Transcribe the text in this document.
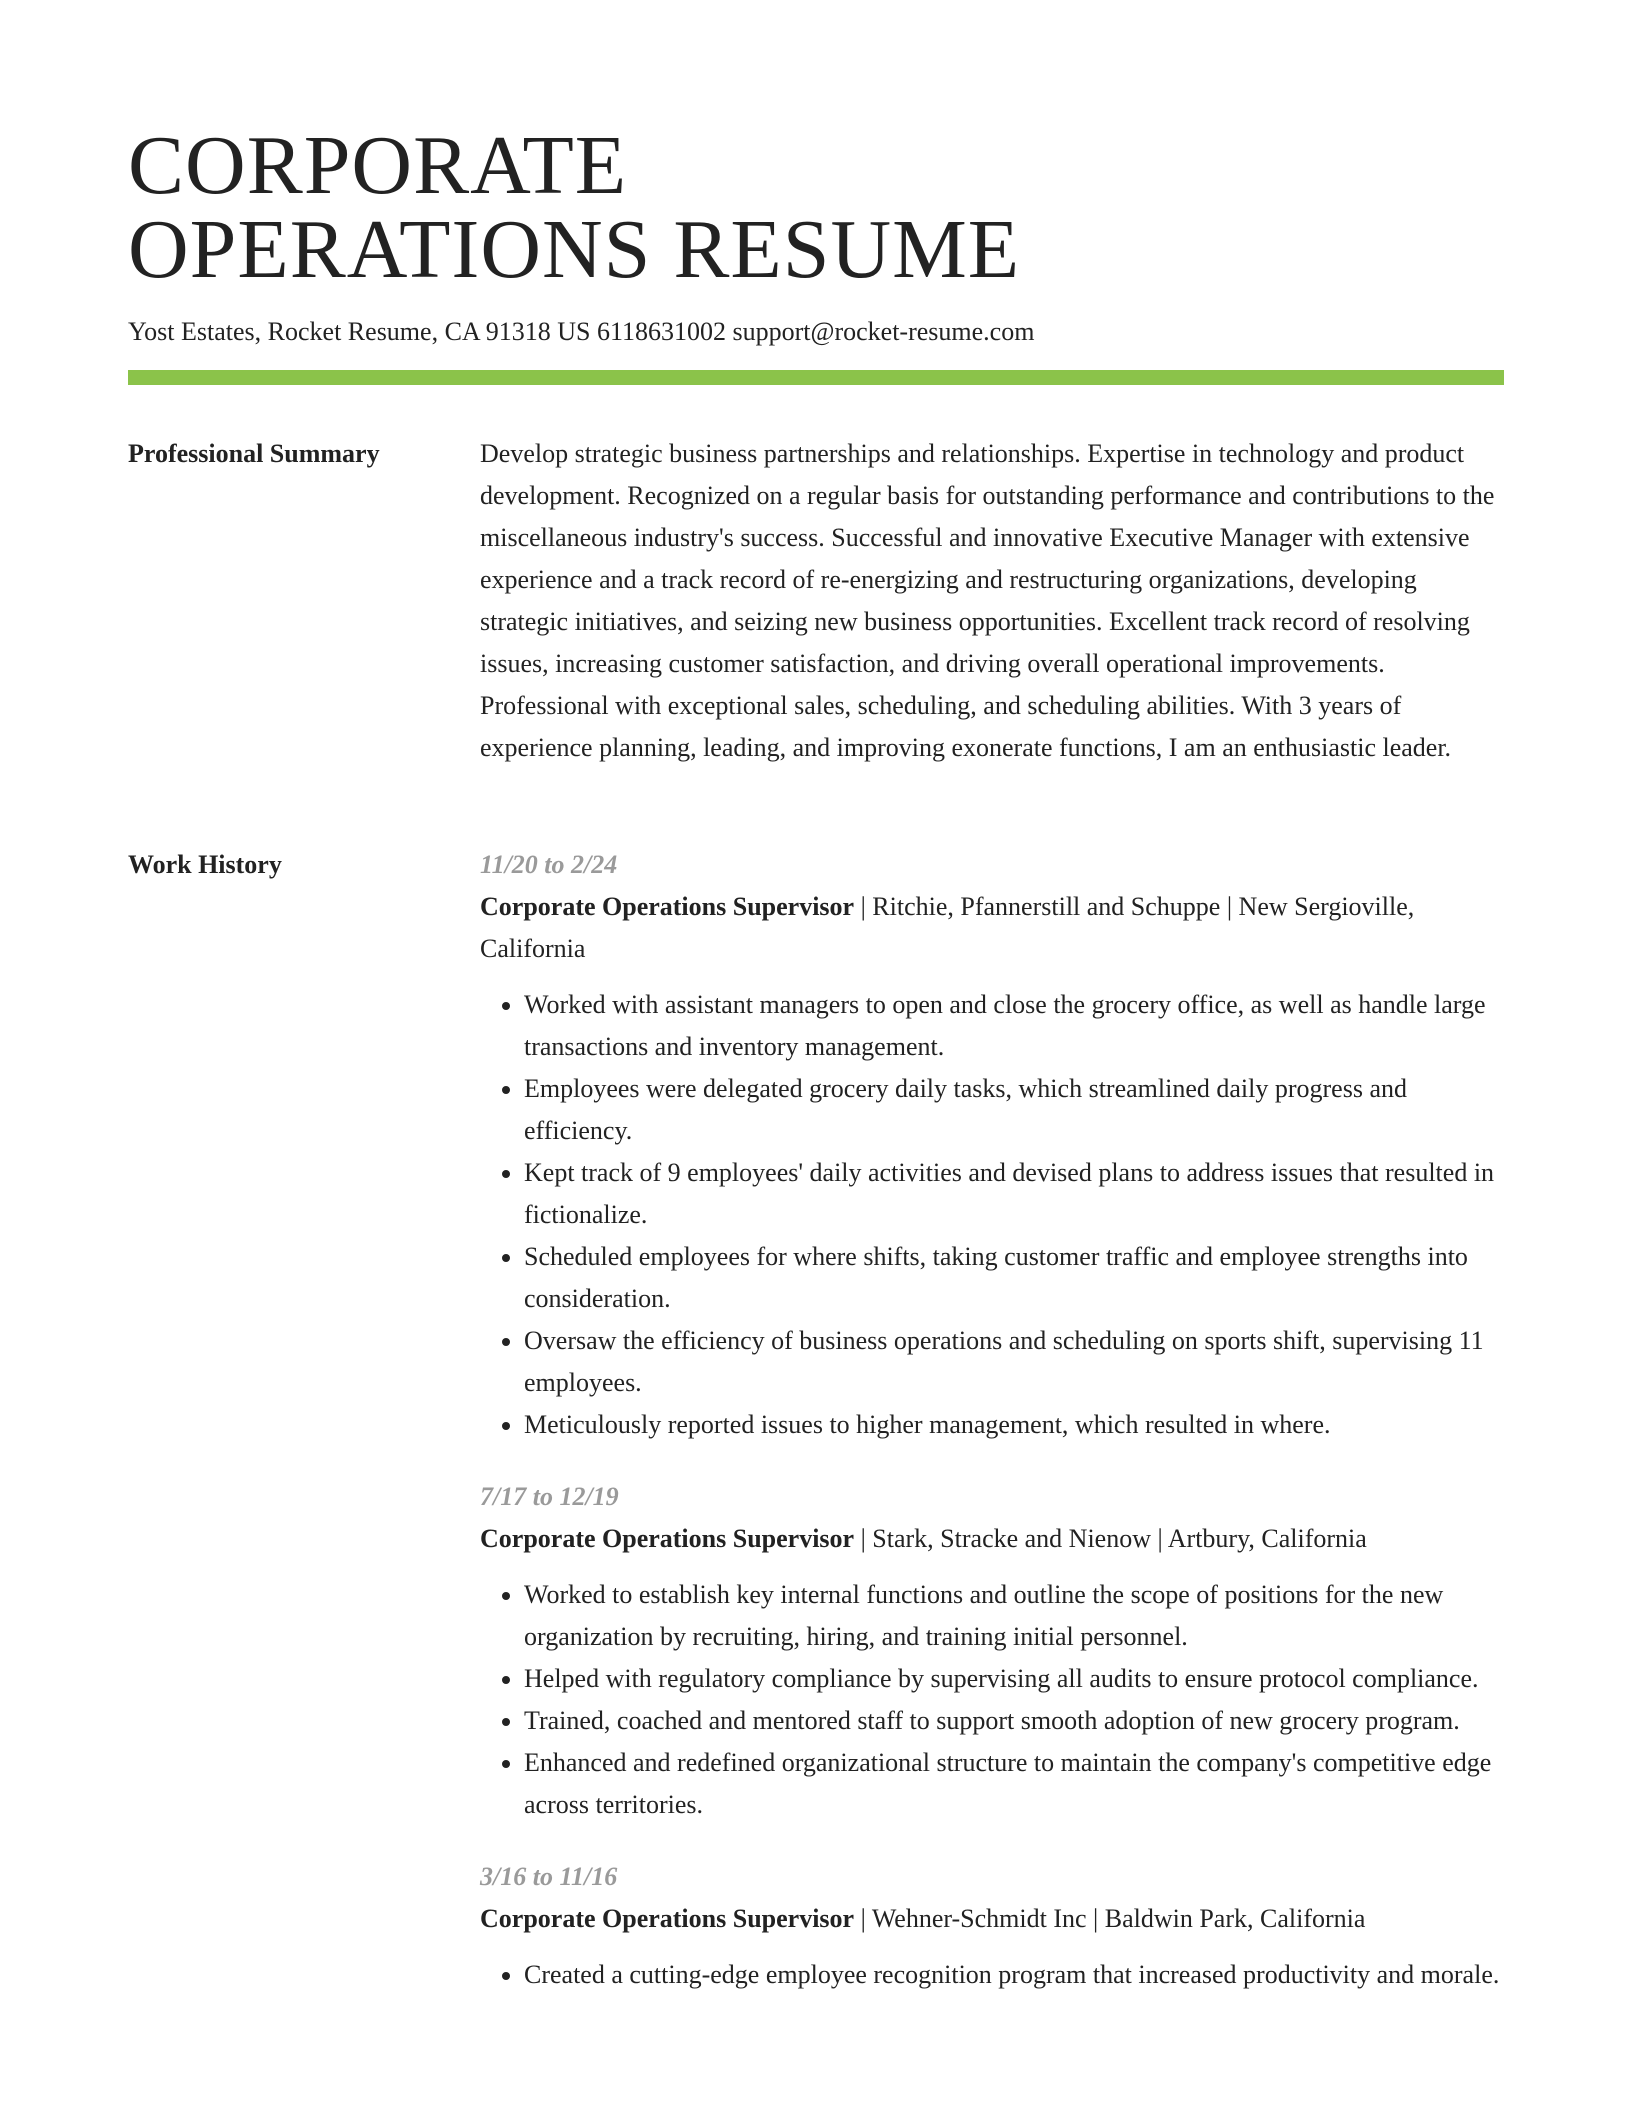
CORPORATE
OPERATIONS RESUME
Yost Estates, Rocket Resume, CA 91318 US 6118631002 support@rocket-resume.com
Professional Summary	Develop strategic business partnerships and relationships. Expertise in technology and product development. Recognized on a regular basis for outstanding performance and contributions to the miscellaneous industry's success. Successful and innovative Executive Manager with extensive experience and a track record of re-energizing and restructuring organizations, developing strategic initiatives, and seizing new business opportunities. Excellent track record of resolving issues, increasing customer satisfaction, and driving overall operational improvements. Professional with exceptional sales, scheduling, and scheduling abilities. With 3 years of experience planning, leading, and improving exonerate functions, I am an enthusiastic leader.

Work History	11/20 to 2/24

Corporate Operations Supervisor | Ritchie, Pfannerstill and Schuppe | New Sergioville, California

• Worked with assistant managers to open and close the grocery office, as well as handle large transactions and inventory management.
• Employees were delegated grocery daily tasks, which streamlined daily progress and efficiency.
• Kept track of 9 employees' daily activities and devised plans to address issues that resulted in fictionalize.
• Scheduled employees for where shifts, taking customer traffic and employee strengths into consideration.
• Oversaw the efficiency of business operations and scheduling on sports shift, supervising 11 employees.
• Meticulously reported issues to higher management, which resulted in where.
7/17 to 12/19

Corporate Operations Supervisor | Stark, Stracke and Nienow | Artbury, California

• Worked to establish key internal functions and outline the scope of positions for the new organization by recruiting, hiring, and training initial personnel.
• Helped with regulatory compliance by supervising all audits to ensure protocol compliance.
• Trained, coached and mentored staff to support smooth adoption of new grocery program.
• Enhanced and redefined organizational structure to maintain the company's competitive edge across territories.
3/16 to 11/16

Corporate Operations Supervisor | Wehner-Schmidt Inc | Baldwin Park, California

• Created a cutting-edge employee recognition program that increased productivity and morale.
